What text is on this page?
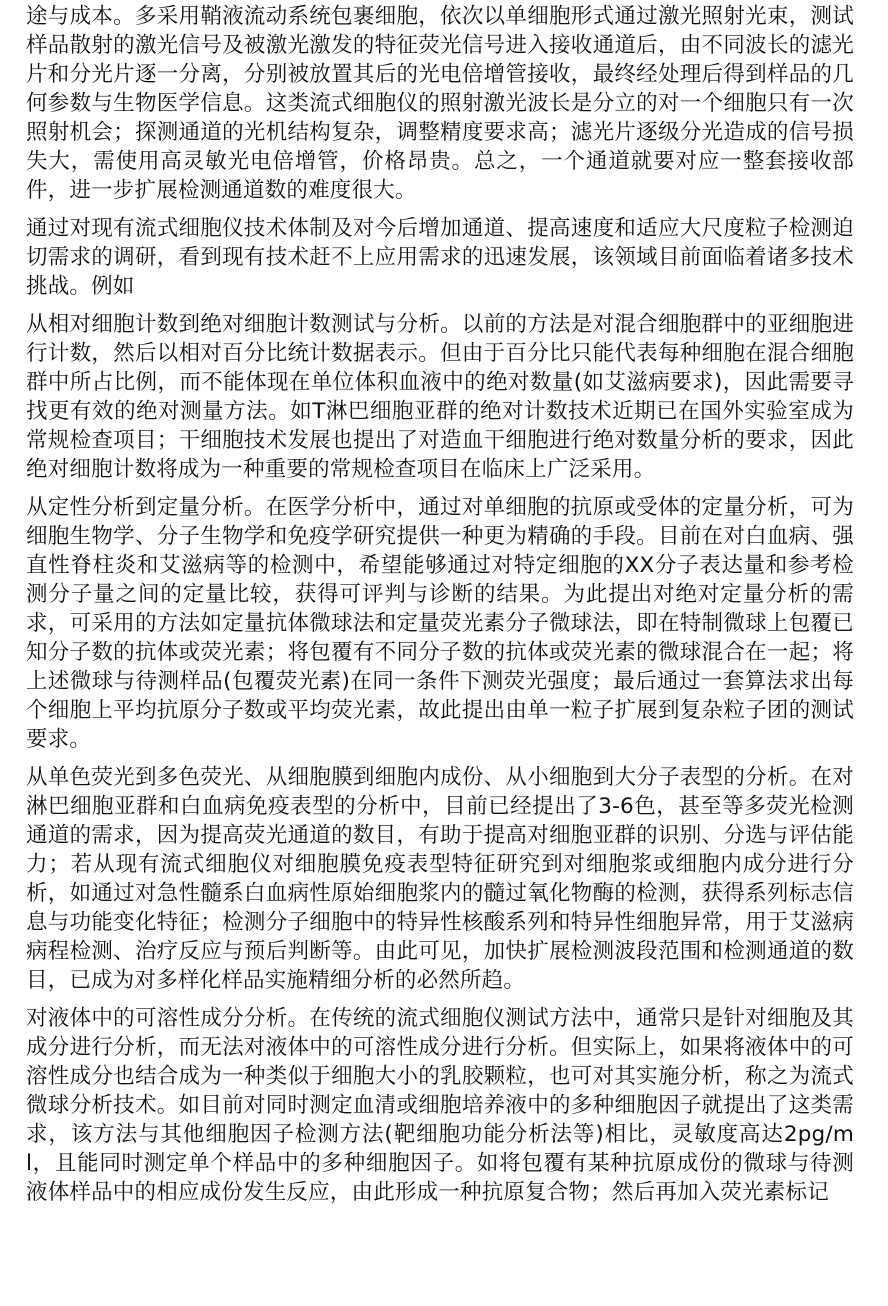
途与成本。多采用鞘液流动系统包裹细胞，依次以单细胞形式通过激光照射光束，测试样品散射的激光信号及被激光激发的特征荧光信号进入接收通道后，由不同波长的滤光片和分光片逐一分离，分别被放置其后的光电倍增管接收，最终经处理后得到样品的几何参数与生物医学信息。这类流式细胞仪的照射激光波长是分立的对一个细胞只有一次照射机会；探测通道的光机结构复杂，调整精度要求高；滤光片逐级分光造成的信号损失大，需使用高灵敏光电倍增管，价格昂贵。总之，一个通道就要对应一整套接收部件，进一步扩展检测通道数的难度很大。

通过对现有流式细胞仪技术体制及对今后增加通道、提高速度和适应大尺度粒子检测迫切需求的调研，看到现有技术赶不上应用需求的迅速发展，该领域目前面临着诸多技术挑战。例如

从相对细胞计数到绝对细胞计数测试与分析。以前的方法是对混合细胞群中的亚细胞进行计数，然后以相对百分比统计数据表示。但由于百分比只能代表每种细胞在混合细胞群中所占比例，而不能体现在单位体积血液中的绝对数量(如艾滋病要求)，因此需要寻找更有效的绝对测量方法。如T淋巴细胞亚群的绝对计数技术近期已在国外实验室成为常规检查项目；干细胞技术发展也提出了对造血干细胞进行绝对数量分析的要求，因此绝对细胞计数将成为一种重要的常规检查项目在临床上广泛采用。

从定性分析到定量分析。在医学分析中，通过对单细胞的抗原或受体的定量分析，可为细胞生物学、分子生物学和免疫学研究提供一种更为精确的手段。目前在对白血病、强直性脊柱炎和艾滋病等的检测中，希望能够通过对特定细胞的XX分子表达量和参考检测分子量之间的定量比较，获得可评判与诊断的结果。为此提出对绝对定量分析的需求，可采用的方法如定量抗体微球法和定量荧光素分子微球法，即在特制微球上包覆已知分子数的抗体或荧光素；将包覆有不同分子数的抗体或荧光素的微球混合在一起；将上述微球与待测样品(包覆荧光素)在同一条件下测荧光强度；最后通过一套算法求出每个细胞上平均抗原分子数或平均荧光素，故此提出由单一粒子扩展到复杂粒子团的测试要求。

从单色荧光到多色荧光、从细胞膜到细胞内成份、从小细胞到大分子表型的分析。在对淋巴细胞亚群和白血病免疫表型的分析中，目前已经提出了3-6色，甚至等多荧光检测通道的需求，因为提高荧光通道的数目，有助于提高对细胞亚群的识别、分选与评估能力；若从现有流式细胞仪对细胞膜免疫表型特征研究到对细胞浆或细胞内成分进行分析，如通过对急性髓系白血病性原始细胞浆内的髓过氧化物酶的检测，获得系列标志信息与功能变化特征；检测分子细胞中的特异性核酸系列和特异性细胞异常，用于艾滋病病程检测、治疗反应与预后判断等。由此可见，加快扩展检测波段范围和检测通道的数目，已成为对多样化样品实施精细分析的必然所趋。

对液体中的可溶性成分分析。在传统的流式细胞仪测试方法中，通常只是针对细胞及其成分进行分析，而无法对液体中的可溶性成分进行分析。但实际上，如果将液体中的可溶性成分也结合成为一种类似于细胞大小的乳胶颗粒，也可对其实施分析，称之为流式微球分析技术。如目前对同时测定血清或细胞培养液中的多种细胞因子就提出了这类需求，该方法与其他细胞因子检测方法(靶细胞功能分析法等)相比，灵敏度高达2pg/ml，且能同时测定单个样品中的多种细胞因子。如将包覆有某种抗原成份的微球与待测液体样品中的相应成份发生反应，由此形成一种抗原复合物；然后再加入荧光素标记
